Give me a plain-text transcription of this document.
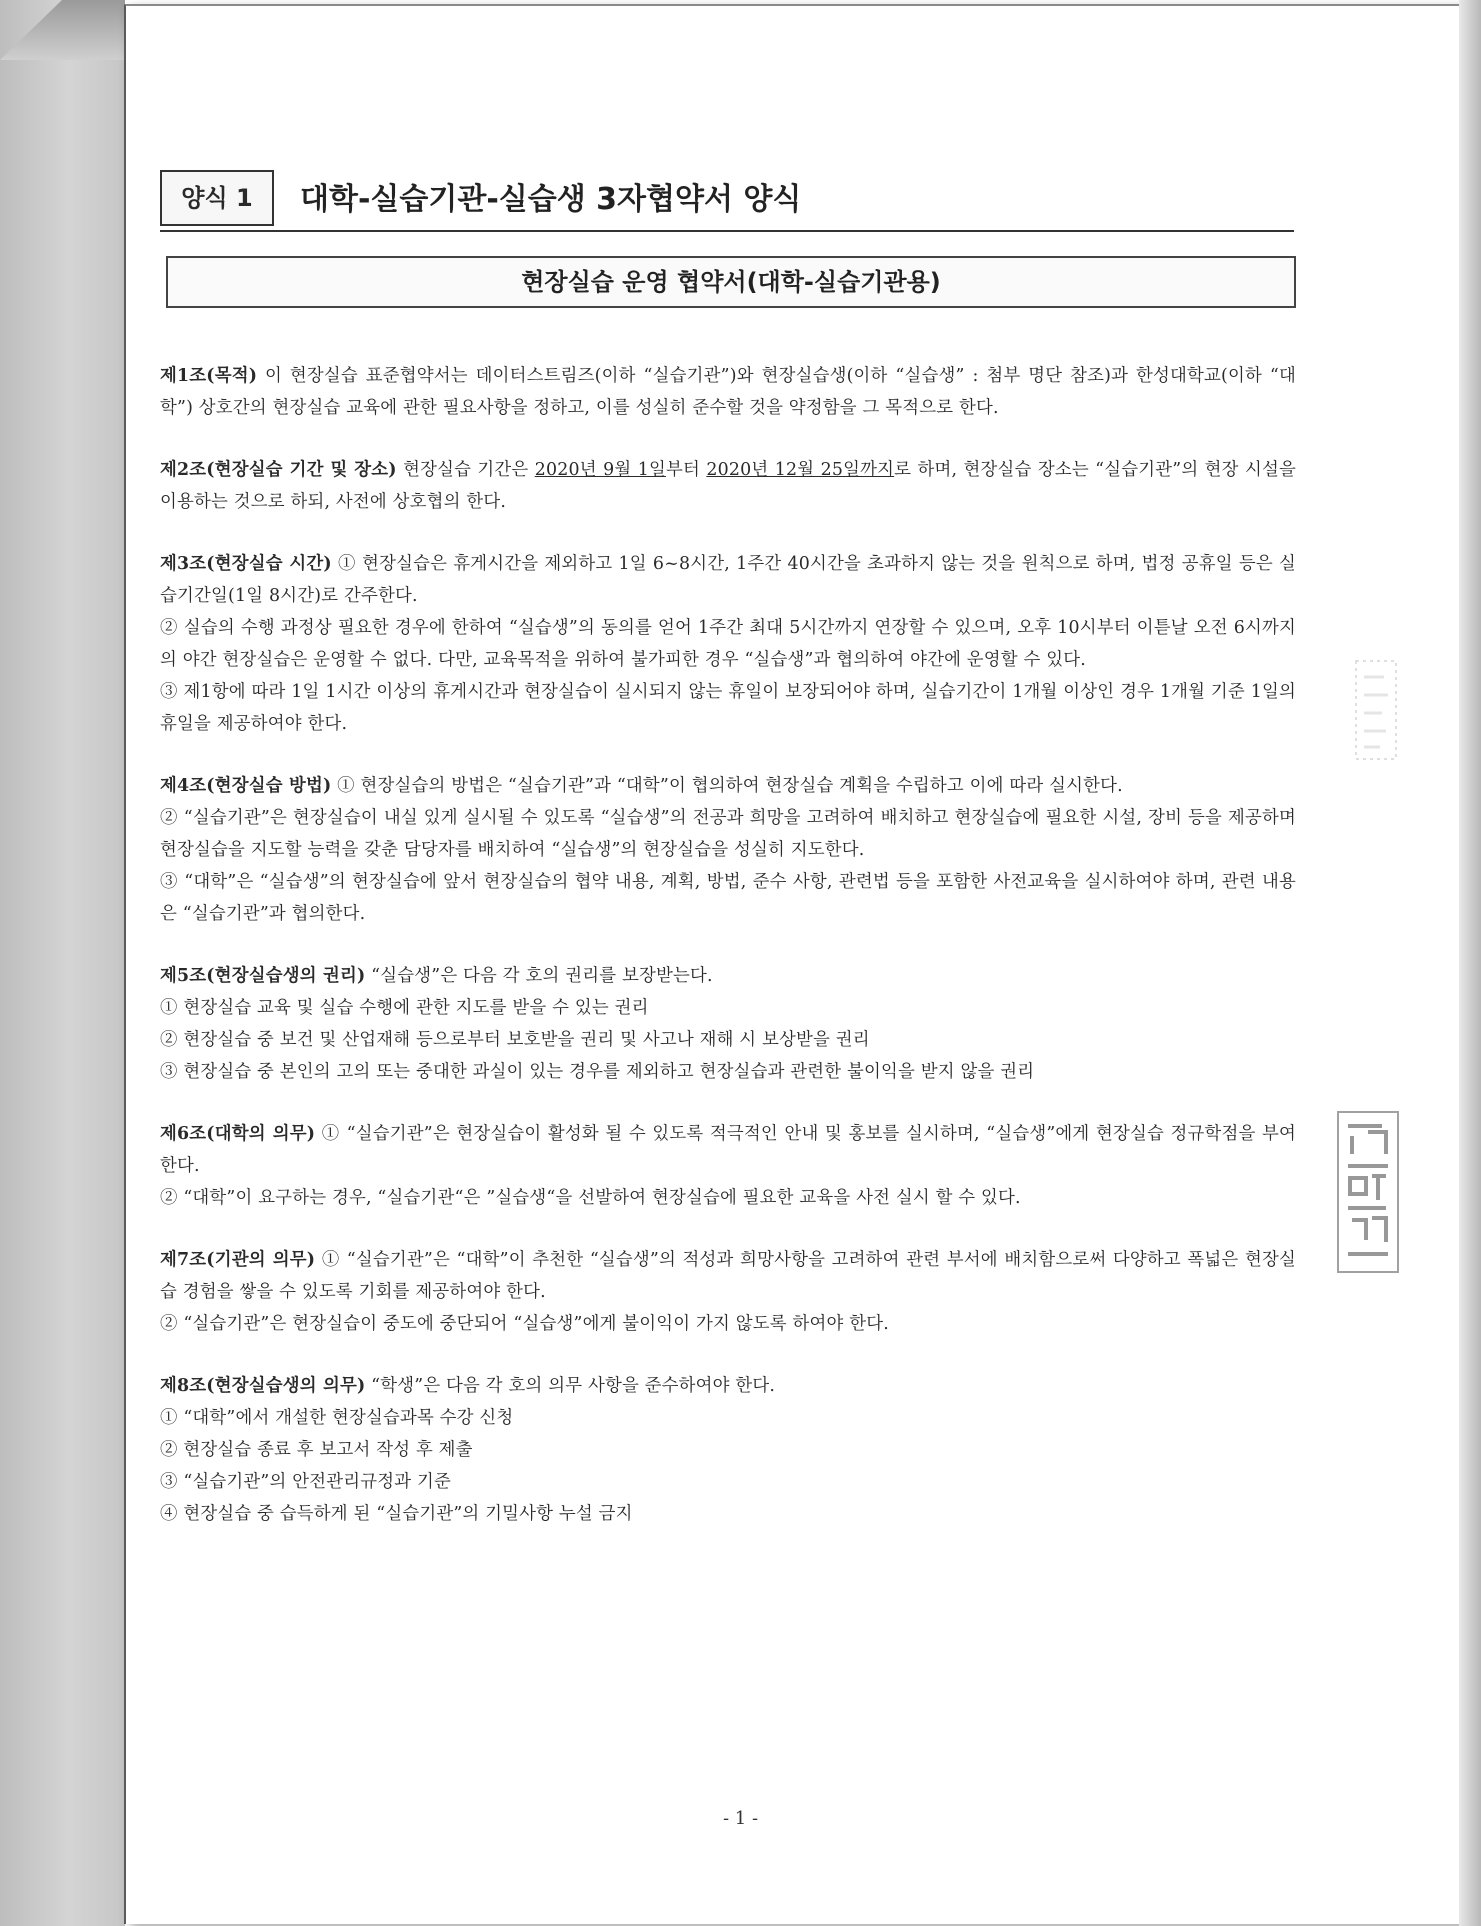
양식 1	대학-실습기관-실습생 3자협약서 양식
현장실습 운영 협약서(대학-실습기관용)

제1조(목적) 이 현장실습 표준협약서는 데이터스트림즈(이하 “실습기관”)와 현장실습생(이하 “실습생” : 첨부 명단 참조)과 한성대학교(이하 “대학”) 상호간의 현장실습 교육에 관한 필요사항을 정하고, 이를 성실히 준수할 것을 약정함을 그 목적으로 한다.

제2조(현장실습 기간 및 장소) 현장실습 기간은 2020년 9월 1일부터 2020년 12월 25일까지로 하며, 현장실습 장소는 “실습기관”의 현장 시설을 이용하는 것으로 하되, 사전에 상호협의 한다.

제3조(현장실습 시간) ① 현장실습은 휴게시간을 제외하고 1일 6~8시간, 1주간 40시간을 초과하지 않는 것을 원칙으로 하며, 법정 공휴일 등은 실습기간일(1일 8시간)로 간주한다.

② 실습의 수행 과정상 필요한 경우에 한하여 “실습생”의 동의를 얻어 1주간 최대 5시간까지 연장할 수 있으며, 오후 10시부터 이튿날 오전 6시까지의 야간 현장실습은 운영할 수 없다. 다만, 교육목적을 위하여 불가피한 경우 “실습생”과 협의하여 야간에 운영할 수 있다.

③ 제1항에 따라 1일 1시간 이상의 휴게시간과 현장실습이 실시되지 않는 휴일이 보장되어야 하며, 실습기간이 1개월 이상인 경우 1개월 기준 1일의 휴일을 제공하여야 한다.

제4조(현장실습 방법) ① 현장실습의 방법은 “실습기관”과 “대학”이 협의하여 현장실습 계획을 수립하고 이에 따라 실시한다.

② “실습기관”은 현장실습이 내실 있게 실시될 수 있도록 “실습생”의 전공과 희망을 고려하여 배치하고 현장실습에 필요한 시설, 장비 등을 제공하며 현장실습을 지도할 능력을 갖춘 담당자를 배치하여 “실습생”의 현장실습을 성실히 지도한다.

③ “대학”은 “실습생”의 현장실습에 앞서 현장실습의 협약 내용, 계획, 방법, 준수 사항, 관련법 등을 포함한 사전교육을 실시하여야 하며, 관련 내용은 “실습기관”과 협의한다.

제5조(현장실습생의 권리) “실습생”은 다음 각 호의 권리를 보장받는다.

① 현장실습 교육 및 실습 수행에 관한 지도를 받을 수 있는 권리

② 현장실습 중 보건 및 산업재해 등으로부터 보호받을 권리 및 사고나 재해 시 보상받을 권리

③ 현장실습 중 본인의 고의 또는 중대한 과실이 있는 경우를 제외하고 현장실습과 관련한 불이익을 받지 않을 권리

제6조(대학의 의무) ① “실습기관”은 현장실습이 활성화 될 수 있도록 적극적인 안내 및 홍보를 실시하며, “실습생”에게 현장실습 정규학점을 부여한다.

② “대학”이 요구하는 경우, “실습기관“은 ”실습생“을 선발하여 현장실습에 필요한 교육을 사전 실시 할 수 있다.

제7조(기관의 의무) ① “실습기관”은 “대학”이 추천한 “실습생”의 적성과 희망사항을 고려하여 관련 부서에 배치함으로써 다양하고 폭넓은 현장실습 경험을 쌓을 수 있도록 기회를 제공하여야 한다.

② “실습기관”은 현장실습이 중도에 중단되어 “실습생”에게 불이익이 가지 않도록 하여야 한다.

제8조(현장실습생의 의무) “학생”은 다음 각 호의 의무 사항을 준수하여야 한다.

① “대학”에서 개설한 현장실습과목 수강 신청

② 현장실습 종료 후 보고서 작성 후 제출

③ “실습기관”의 안전관리규정과 기준

④ 현장실습 중 습득하게 된 “실습기관”의 기밀사항 누설 금지

- 1 -
